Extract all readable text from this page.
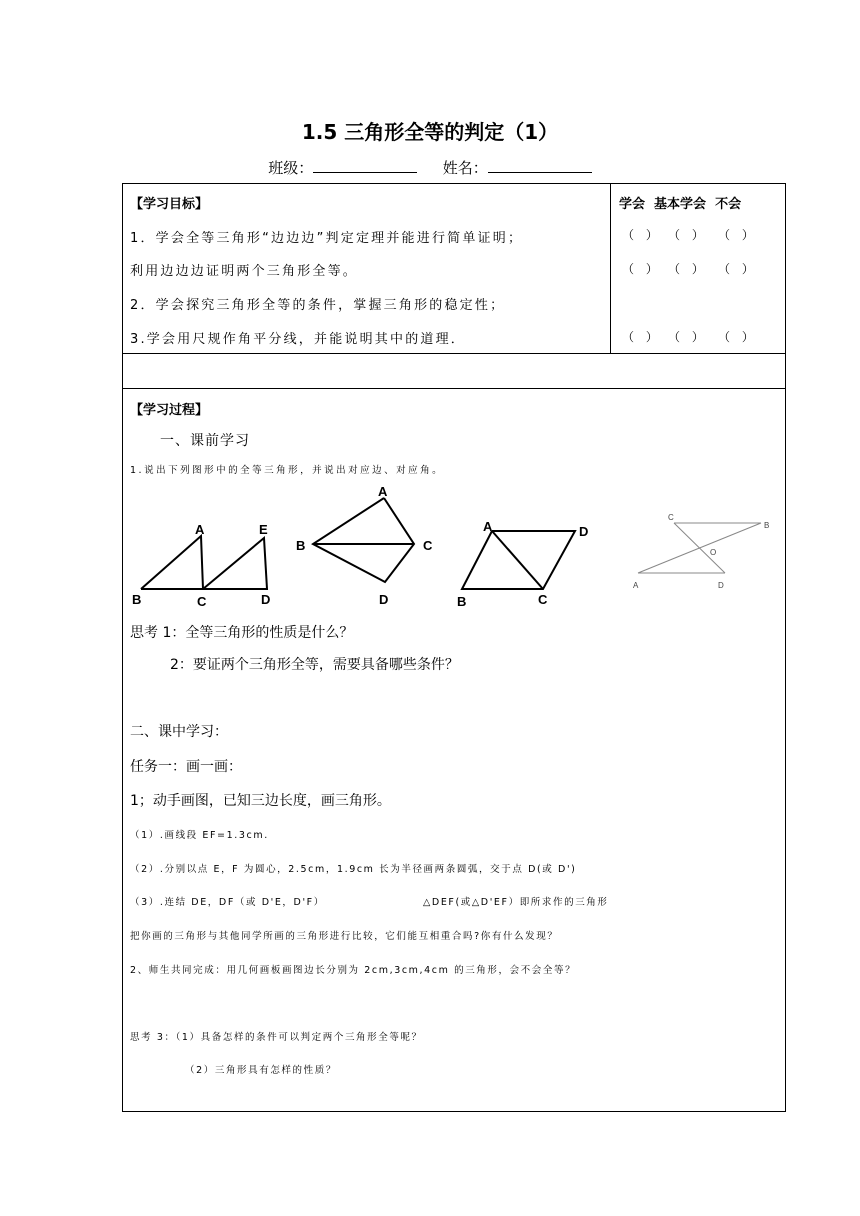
1.5 三角形全等的判定（1）
班级：	姓名：
【学习目标】
1．学会全等三角形“边边边”判定定理并能进行简单证明；
利用边边边证明两个三角形全等。
2．学会探究三角形全等的条件，掌握三角形的稳定性；
3.学会用尺规作角平分线，并能说明其中的道理．
学会  基本学会  不会
（ ） （ ） （ ）
（ ） （ ） （ ）
（ ） （ ） （ ）
【学习过程】
一、课前学习
1.说出下列图形中的全等三角形，并说出对应边、对应角。
A	E
B	C	D
A
B	C
D
A	D
B	C
C
B
O
A	D
思考 1：全等三角形的性质是什么？
2：要证两个三角形全等，需要具备哪些条件？
二、课中学习：
任务一：画一画：
1；动手画图，已知三边长度，画三角形。
（1）.画线段 EF=1.3cm.
（2）.分别以点 E，F 为圆心，2.5cm，1.9cm 长为半径画两条圆弧，交于点 D(或 D')
（3）.连结 DE，DF（或 D'E，D'F）	△DEF(或△D'EF）即所求作的三角形
把你画的三角形与其他同学所画的三角形进行比较，它们能互相重合吗?你有什么发现？
2、师生共同完成：用几何画板画图边长分别为 2cm,3cm,4cm 的三角形，会不会全等？
思考 3：（1）具备怎样的条件可以判定两个三角形全等呢？
（2）三角形具有怎样的性质？
